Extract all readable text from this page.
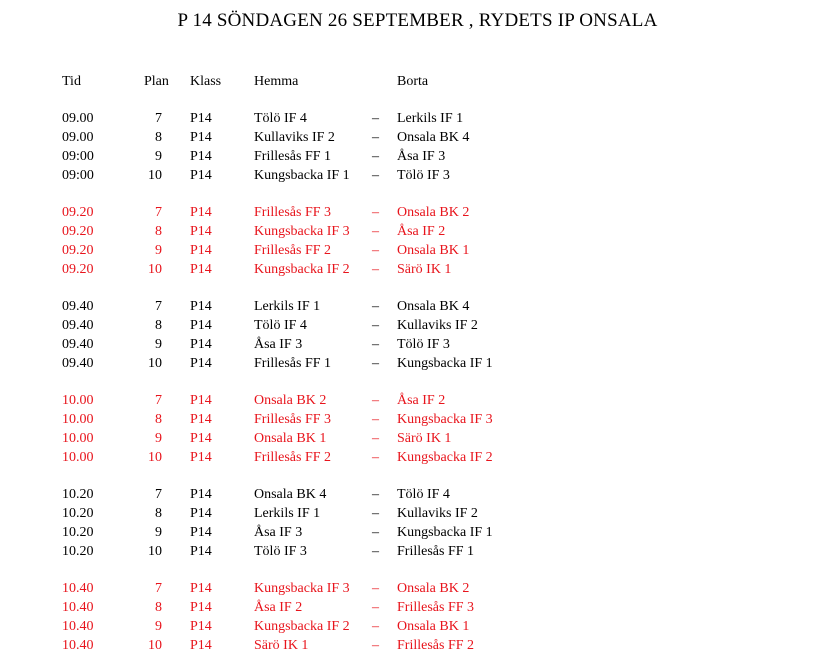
P 14 SÖNDAGEN 26 SEPTEMBER , RYDETS IP ONSALA
Tid	Plan Klass Hemma	Borta
09.00	7 P14	Tölö IF 4	– Lerkils IF 1
09.00	8 P14	Kullaviks IF 2	– Onsala BK 4
09:00	9 P14	Frillesås FF 1	– Åsa IF 3
09:00	10 P14	Kungsbacka IF 1 – Tölö IF 3
09.20	7 P14	Frillesås FF 3	– Onsala BK 2
09.20	8 P14	Kungsbacka IF 3 – Åsa IF 2
09.20	9 P14	Frillesås FF 2	– Onsala BK 1
09.20	10 P14	Kungsbacka IF 2 – Särö IK 1
09.40	7 P14	Lerkils IF 1	– Onsala BK 4
09.40	8 P14	Tölö IF 4	– Kullaviks IF 2
09.40	9 P14	Åsa IF 3	– Tölö IF 3
09.40	10 P14	Frillesås FF 1	– Kungsbacka IF 1
10.00	7 P14	Onsala BK 2	– Åsa IF 2
10.00	8 P14	Frillesås FF 3	– Kungsbacka IF 3
10.00	9 P14	Onsala BK 1	– Särö IK 1
10.00	10 P14	Frillesås FF 2	– Kungsbacka IF 2
10.20	7 P14	Onsala BK 4	– Tölö IF 4
10.20	8 P14	Lerkils IF 1	– Kullaviks IF 2
10.20	9 P14	Åsa IF 3	– Kungsbacka IF 1
10.20	10 P14	Tölö IF 3	– Frillesås FF 1
10.40	7 P14	Kungsbacka IF 3 – Onsala BK 2
10.40	8 P14	Åsa IF 2	– Frillesås FF 3
10.40	9 P14	Kungsbacka IF 2 – Onsala BK 1
10.40	10 P14	Särö IK 1	– Frillesås FF 2
